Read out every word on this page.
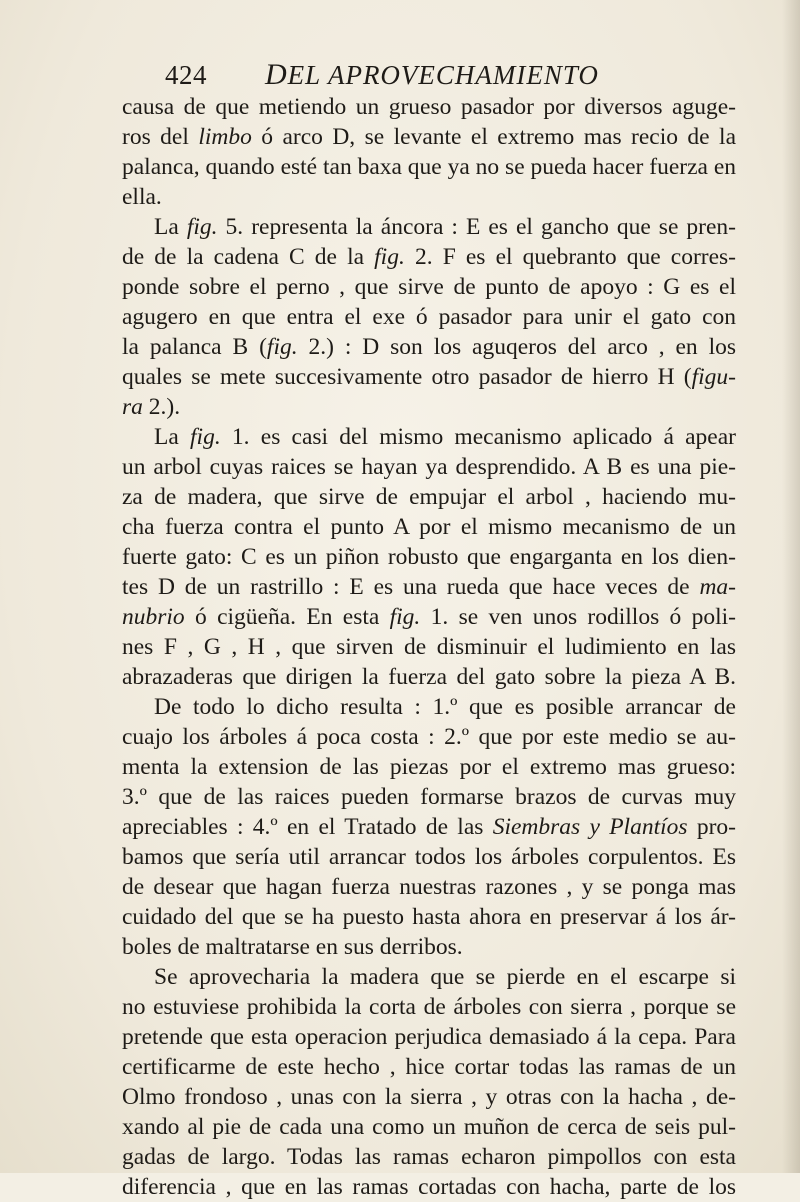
424 DEL APROVECHAMIENTO
causa de que metiendo un grueso pasador por diversos aguge-
ros del limbo ó arco D, se levante el extremo mas recio de la
palanca, quando esté tan baxa que ya no se pueda hacer fuerza en
ella.
La fig. 5. representa la áncora : E es el gancho que se pren-
de de la cadena C de la fig. 2. F es el quebranto que corres-
ponde sobre el perno , que sirve de punto de apoyo : G es el
agugero en que entra el exe ó pasador para unir el gato con
la palanca B (fig. 2.) : D son los aguqeros del arco , en los
quales se mete succesivamente otro pasador de hierro H (figu-
ra 2.).
La fig. 1. es casi del mismo mecanismo aplicado á apear
un arbol cuyas raices se hayan ya desprendido. A B es una pie-
za de madera, que sirve de empujar el arbol , haciendo mu-
cha fuerza contra el punto A por el mismo mecanismo de un
fuerte gato: C es un piñon robusto que engarganta en los dien-
tes D de un rastrillo : E es una rueda que hace veces de ma-
nubrio ó cigüeña. En esta fig. 1. se ven unos rodillos ó poli-
nes F , G , H , que sirven de disminuir el ludimiento en las
abrazaderas que dirigen la fuerza del gato sobre la pieza A B.
De todo lo dicho resulta : 1.º que es posible arrancar de
cuajo los árboles á poca costa : 2.º que por este medio se au-
menta la extension de las piezas por el extremo mas grueso:
3.º que de las raices pueden formarse brazos de curvas muy
apreciables : 4.º en el Tratado de las Siembras y Plantíos pro-
bamos que sería util arrancar todos los árboles corpulentos. Es
de desear que hagan fuerza nuestras razones , y se ponga mas
cuidado del que se ha puesto hasta ahora en preservar á los ár-
boles de maltratarse en sus derribos.
Se aprovecharia la madera que se pierde en el escarpe si
no estuviese prohibida la corta de árboles con sierra , porque se
pretende que esta operacion perjudica demasiado á la cepa. Para
certificarme de este hecho , hice cortar todas las ramas de un
Olmo frondoso , unas con la sierra , y otras con la hacha , de-
xando al pie de cada una como un muñon de cerca de seis pul-
gadas de largo. Todas las ramas echaron pimpollos con esta
diferencia , que en las ramas cortadas con hacha, parte de los
